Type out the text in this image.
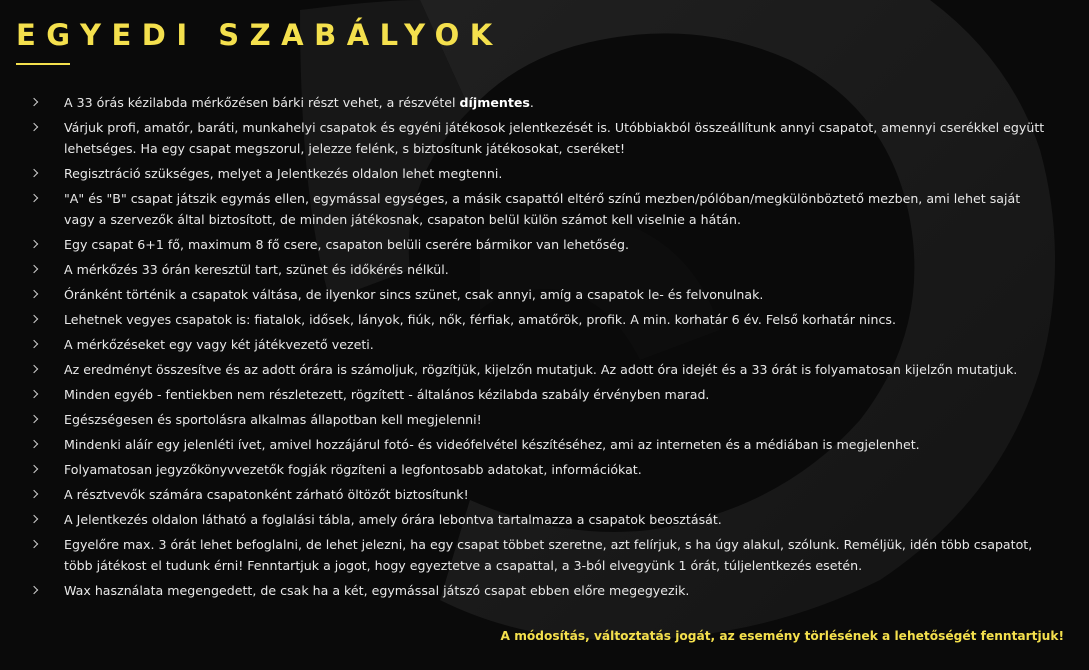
EGYEDI SZABÁLYOK
A 33 órás kézilabda mérkőzésen bárki részt vehet, a részvétel díjmentes.
Várjuk profi, amatőr, baráti, munkahelyi csapatok és egyéni játékosok jelentkezését is. Utóbbiakból összeállítunk annyi csapatot, amennyi cserékkel együtt lehetséges. Ha egy csapat megszorul, jelezze felénk, s biztosítunk játékosokat, cseréket!
Regisztráció szükséges, melyet a Jelentkezés oldalon lehet megtenni.
"A" és "B" csapat játszik egymás ellen, egymással egységes, a másik csapattól eltérő színű mezben/pólóban/megkülönböztető mezben, ami lehet saját vagy a szervezők által biztosított, de minden játékosnak, csapaton belül külön számot kell viselnie a hátán.
Egy csapat 6+1 fő, maximum 8 fő csere, csapaton belüli cserére bármikor van lehetőség.
A mérkőzés 33 órán keresztül tart, szünet és időkérés nélkül.
Óránként történik a csapatok váltása, de ilyenkor sincs szünet, csak annyi, amíg a csapatok le- és felvonulnak.
Lehetnek vegyes csapatok is: fiatalok, idősek, lányok, fiúk, nők, férfiak, amatőrök, profik. A min. korhatár 6 év. Felső korhatár nincs.
A mérkőzéseket egy vagy két játékvezető vezeti.
Az eredményt összesítve és az adott órára is számoljuk, rögzítjük, kijelzőn mutatjuk. Az adott óra idejét és a 33 órát is folyamatosan kijelzőn mutatjuk.
Minden egyéb - fentiekben nem részletezett, rögzített - általános kézilabda szabály érvényben marad.
Egészségesen és sportolásra alkalmas állapotban kell megjelenni!
Mindenki aláír egy jelenléti ívet, amivel hozzájárul fotó- és videófelvétel készítéséhez, ami az interneten és a médiában is megjelenhet.
Folyamatosan jegyzőkönyvvezetők fogják rögzíteni a legfontosabb adatokat, információkat.
A résztvevők számára csapatonként zárható öltözőt biztosítunk!
A Jelentkezés oldalon látható a foglalási tábla, amely órára lebontva tartalmazza a csapatok beosztását.
Egyelőre max. 3 órát lehet befoglalni, de lehet jelezni, ha egy csapat többet szeretne, azt felírjuk, s ha úgy alakul, szólunk. Reméljük, idén több csapatot, több játékost el tudunk érni! Fenntartjuk a jogot, hogy egyeztetve a csapattal, a 3-ból elvegyünk 1 órát, túljelentkezés esetén.
Wax használata megengedett, de csak ha a két, egymással játszó csapat ebben előre megegyezik.
A módosítás, változtatás jogát, az esemény törlésének a lehetőségét fenntartjuk!
